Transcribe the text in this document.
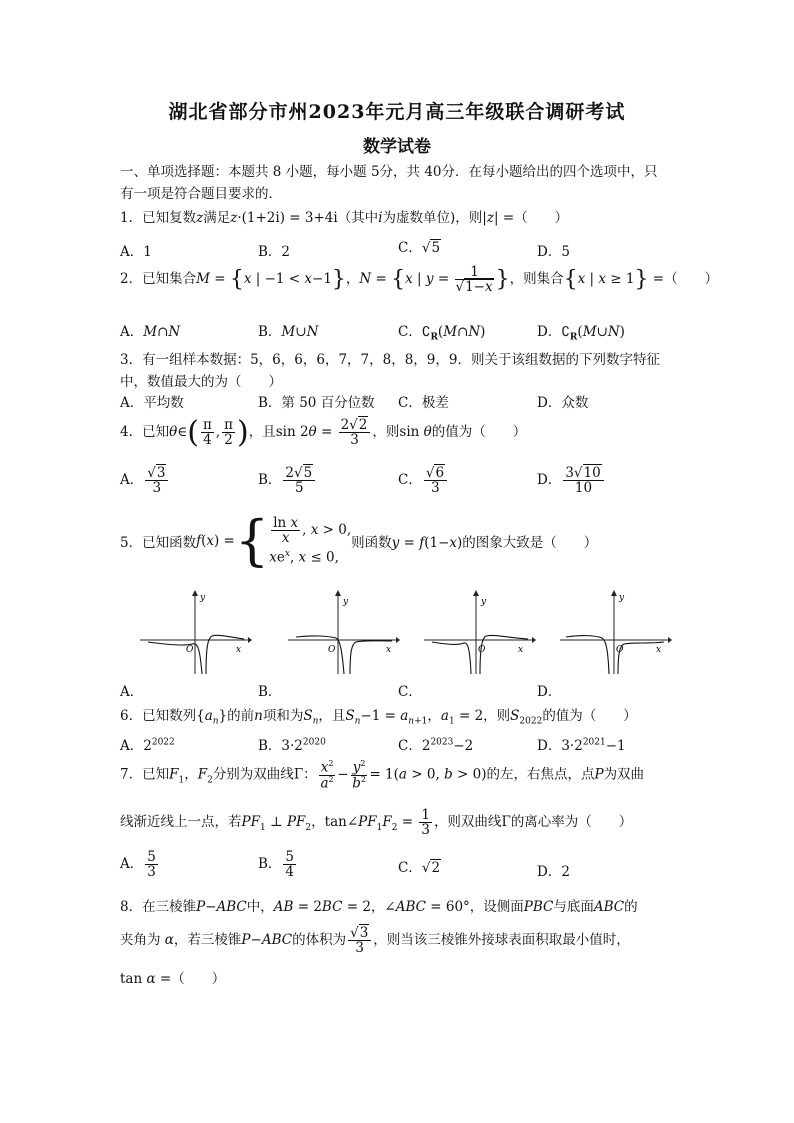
湖北省部分市州2023年元月高三年级联合调研考试
数学试卷
一、单项选择题：本题共 8 小题，每小题 5分，共 40分．在每小题给出的四个选项中，只
有一项是符合题目要求的．
1．已知复数z满足z·(1+2i) = 3+4i（其中i为虚数单位)，则|z| =（　　）
A．1	B．2	C．√5	D．5
2．已知集合M = {x | −1 < x−1}，N = {x | $y = \frac{1}{√1-x}$ }，则集合{x | x ≥ 1} =（　　）
A．M∩N	B．M∪N	C．$∁_R(M\cap N)$	D．$∁_R(M\cup N)$
3．有一组样本数据：5，6，6，6，7，7，8，8，9，9．则关于该组数据的下列数字特征
中，数值最大的为（　　）
A．平均数	B．第 50 百分位数 C．极差	D．众数
4．已知θ∈( $\frac{\pi}{4}$ , $\frac{\pi}{2}$ )，且$\sin 2\theta = \frac{2√2}{3}$ ，则sin θ的值为（　　）
A． $\frac{√3}{3}$	B． $\frac{2√5}{5}$	C． $\frac{√6}{3}$	D． $\frac{3√10}{10}$
5．已知函数f(x) ={ $\frac{\text{ln x}}{x}$ , x > 0,
$xe^x$, x ≤ 0,
则函数y = f(1−x)的图象大致是（　　）
y
x
O
y
x
O
y
x
O
y
x
O
A．	B．	C．	D．
6．已知数列$\{a_n\}$的前n项和为$S_n$，且$S_n-1 = a_{n+1}$，$a_1 = 2$，则$S_{2022}$的值为（　　）
A．$2^{2022}$	B．$3\cdot 2^{2020}$	C．$2^{2023}-2$	D．$3\cdot 2^{2021}-1$
7．已知$F_1$，$F_2$分别为双曲线Γ： $\frac{x^2}{a^2} - \frac{y^2}{b^2} = 1(a > 0$, b > 0)的左，右焦点，点P为双曲
线渐近线上一点，若$PF_1$ ⊥ $PF_2$，$\tan\angle PF_1F_2 = \frac{1}{3}$ ，则双曲线Γ的离心率为（　　）
A． $\frac{5}{3}$	B． $\frac{5}{4}$	C．√2	D．2
8．在三棱锥P−ABC中，AB = 2BC = 2，∠ABC = 60°，设侧面PBC与底面ABC的
夹角为 α，若三棱锥P−ABC的体积为 $\frac{√3}{3}$ ，则当该三棱锥外接球表面积取最小值时，
tan α =（　　）
